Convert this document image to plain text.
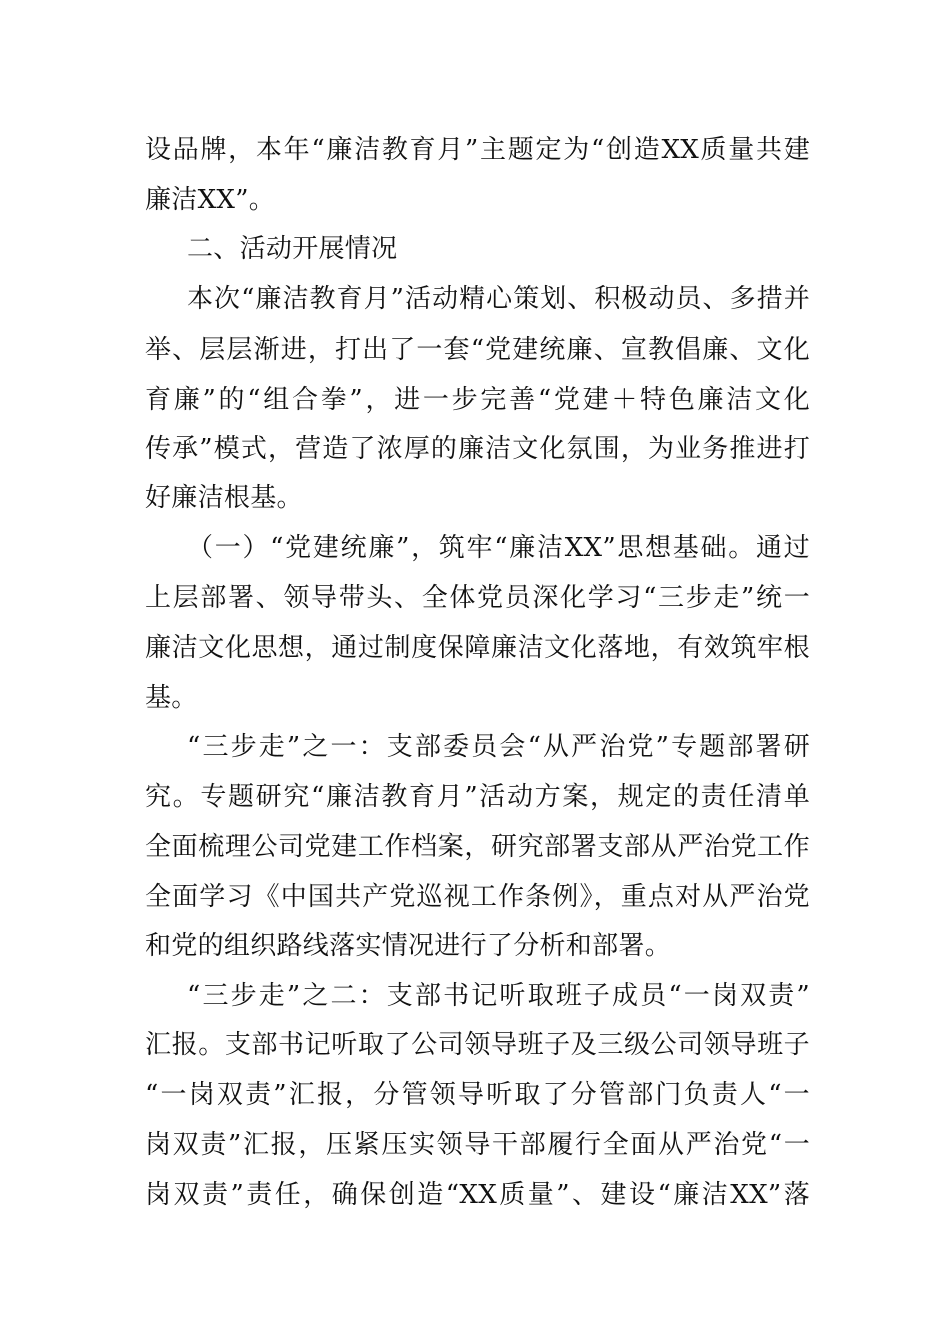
设品牌，本年“廉洁教育月”主题定为“创造XX质量共建
廉洁XX”。
二、活动开展情况
本次“廉洁教育月”活动精心策划、积极动员、多措并
举、层层渐进，打出了一套“党建统廉、宣教倡廉、文化
育廉”的“组合拳”，进一步完善“党建＋特色廉洁文化
传承”模式，营造了浓厚的廉洁文化氛围，为业务推进打
好廉洁根基。
（一）“党建统廉”，筑牢“廉洁XX”思想基础。通过
上层部署、领导带头、全体党员深化学习“三步走”统一
廉洁文化思想，通过制度保障廉洁文化落地，有效筑牢根
基。
“三步走”之一：支部委员会“从严治党”专题部署研
究。专题研究“廉洁教育月”活动方案，规定的责任清单
全面梳理公司党建工作档案，研究部署支部从严治党工作
全面学习《中国共产党巡视工作条例》，重点对从严治党
和党的组织路线落实情况进行了分析和部署。
“三步走”之二：支部书记听取班子成员“一岗双责”
汇报。支部书记听取了公司领导班子及三级公司领导班子
“一岗双责”汇报，分管领导听取了分管部门负责人“一
岗双责”汇报，压紧压实领导干部履行全面从严治党“一
岗双责”责任，确保创造“XX质量”、建设“廉洁XX”落
